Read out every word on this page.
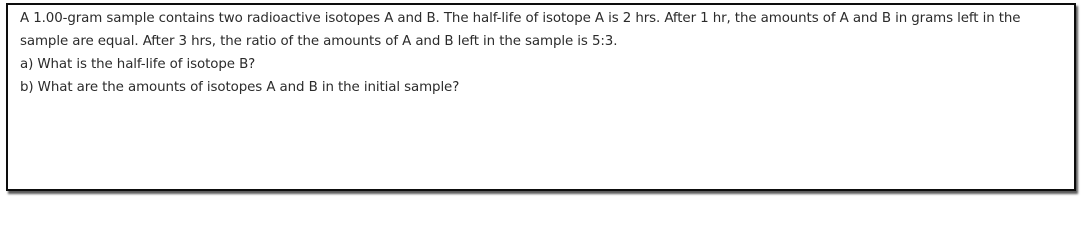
A 1.00-gram sample contains two radioactive isotopes A and B. The half-life of isotope A is 2 hrs. After 1 hr, the amounts of A and B in grams left in the sample are equal. After 3 hrs, the ratio of the amounts of A and B left in the sample is 5:3.

a) What is the half-life of isotope B?

b) What are the amounts of isotopes A and B in the initial sample?
